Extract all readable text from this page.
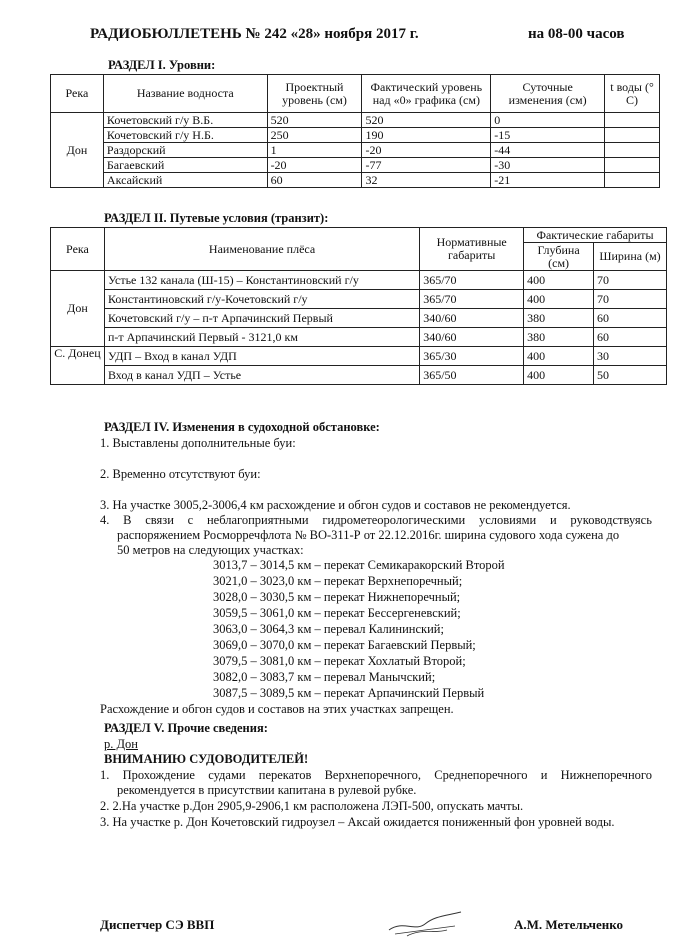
РАДИОБЮЛЛЕТЕНЬ № 242 «28» ноября 2017 г.	на 08-00 часов
РАЗДЕЛ I. Уровни:
Река	Название водноста	Проектный уровень (см)	Фактический уровень над «0» графика (см)	Суточные изменения (см)	t воды (° С)
Дон	Кочетовский г/у В.Б.	520	520	0	
	Кочетовский г/у Н.Б.	250	190	-15	
	Раздорский	1	-20	-44	
	Багаевский	-20	-77	-30	
	Аксайский	60	32	-21	
РАЗДЕЛ II. Путевые условия (транзит):
Река	Наименование плёса	Нормативные габариты	Фактические габариты	
			Глубина (см)	Ширина (м)
Дон	Устье 132 канала (Ш-15) – Константиновский г/у	365/70	400	70
	Константиновский г/у-Кочетовский г/у	365/70	400	70
	Кочетовский г/у – п-т Арпачинский Первый	340/60	380	60
	п-т Арпачинский Первый - 3121,0 км	340/60	380	60
С. Донец	УДП – Вход в канал УДП	365/30	400	30
	Вход в канал УДП – Устье	365/50	400	50
РАЗДЕЛ IV. Изменения в судоходной обстановке:
1. Выставлены дополнительные буи:
2. Временно отсутствуют буи:
3. На участке 3005,2-3006,4 км расхождение и обгон судов и составов не рекомендуется.
4. В связи с неблагоприятными гидрометеорологическими условиями и руководствуясь
распоряжением Росморречфлота № ВО-311-Р от 22.12.2016г. ширина судового хода сужена до
50 метров на следующих участках:
3013,7 – 3014,5 км – перекат Семикаракорский Второй
3021,0 – 3023,0 км – перекат Верхнепоречный;
3028,0 – 3030,5 км – перекат Нижнепоречный;
3059,5 – 3061,0 км – перекат Бессергеневский;
3063,0 – 3064,3 км – перевал Калининский;
3069,0 – 3070,0 км – перекат Багаевский Первый;
3079,5 – 3081,0 км – перекат Хохлатый Второй;
3082,0 – 3083,7 км – перевал Манычский;
3087,5 – 3089,5 км – перекат Арпачинский Первый
Расхождение и обгон судов и составов на этих участках запрещен.
РАЗДЕЛ V. Прочие сведения:
р. Дон
ВНИМАНИЮ СУДОВОДИТЕЛЕЙ!
1. Прохождение судами перекатов Верхнепоречного, Среднепоречного и Нижнепоречного
рекомендуется в присутствии капитана в рулевой рубке.
2. 2.На участке р.Дон 2905,9-2906,1 км расположена ЛЭП-500, опускать мачты.
3. На участке р. Дон Кочетовский гидроузел – Аксай ожидается пониженный фон уровней воды.
Диспетчер СЭ ВВП	А.М. Метельченко
